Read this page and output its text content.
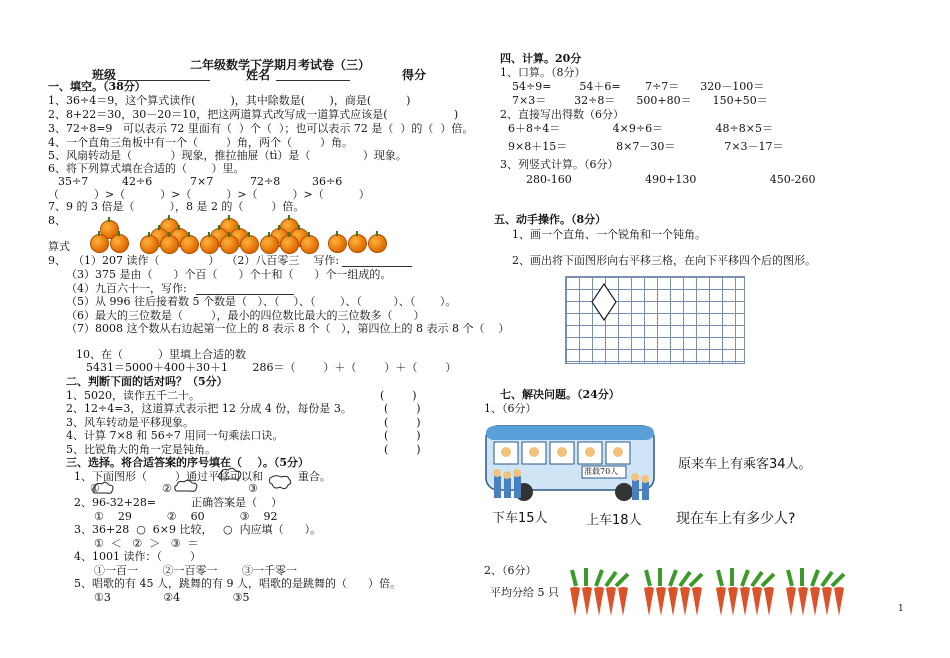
二年级数学下学期月考试卷（三）
班级	姓名	得分
一、填空。（38分）
1、36÷4＝9，这个算式读作(          )，其中除数是(       )，商是(          )
2、8+22＝30，30－20＝10，把这两道算式改写成一道算式应该是(                   )
3、72÷8=9   可以表示 72 里面有（  ）个（  ）；也可以表示 72 是（  ）的（  ）倍。
4、一个直角三角板中有一个（        ）角，两个（        ）角。
5、风扇转动是（           ）现象，推拉抽屉（tì）是（               ）现象。
6、将下列算式填在合适的（       ）里。
35÷7	42÷6	7×7	72÷8	36÷6
（          ）>（          ）>（          ）>（          ）>（          ）
7、9 的 3 倍是（          ），8 是 2 的（        ）倍。
8、
算式
9、  （1）207 读作（              ）  （2）八百零三    写作:
（3）375 是由（      ）个百（      ）个十和（      ）个一组成的。
（4）九百六十一，写作:
（5）从 996 往后接着数 5 个数是（   ）、（    ）、（       ）、（         ）、（       ）。
（6）最大的三位数是（        ），最小的四位数比最大的三位数多（      ）
（7）8008 这个数从右边起第一位上的 8 表示 8 个（   ），第四位上的 8 表示 8 个（    ）
10、在（          ）里填上合适的数
5431＝5000＋400＋30＋1       286＝（        ）＋（        ）＋（        ）
二、判断下面的话对吗？（5分）
1、5020，读作五千二十。	(        )
2、12÷4=3，这道算式表示把 12 分成 4 份，每份是 3。	(        )
3、风车转动是平移现象。	(        )
4、计算 7×8 和 56÷7 用同一句乘法口诀。	(        )
5、比锐角大的角一定是钝角。	(        )
三、选择。将合适答案的序号填在（    ）。（5分）
1、下面图形（        ）通过平移可以和          重合。
①	②	③
2、96-32+28=          正确答案是（    ）
①    29          ②    60          ③    92
3、36+28  ○  6×9 比较，   ○  内应填（      ）。
①  ＜   ②  ＞   ③  ＝
4、1001 读作：（        ）
①一百一       ②一百零一       ③一千零一
5、唱歌的有 45 人，跳舞的有 9 人，唱歌的是跳舞的（      ）倍。
①3               ②4               ③5
四、计算。20分
1、口算。（8分）
54÷9=        54＋6=       7÷7＝      320－100＝
7×3＝        32÷8＝      500+80＝      150+50＝
2、直接写出得数（6分）
6＋8÷4＝               4×9÷6＝               48÷8×5＝
9×8＋15＝              8×7－30＝              7×3－17＝
3、列竖式计算。（6分）
280-160                     490+130                     450-260
五、动手操作。（8分）
1、画一个直角、一个锐角和一个钝角。
2、画出将下面图形向右平移三格，在向下平移四个后的图形。
七、解决问题。（24分）
1、（6分）
准载70人	原来车上有乘客34人。
下车15人	上车18人 现在车上有多少人?
2、（6分）
平均分给 5 只
1
